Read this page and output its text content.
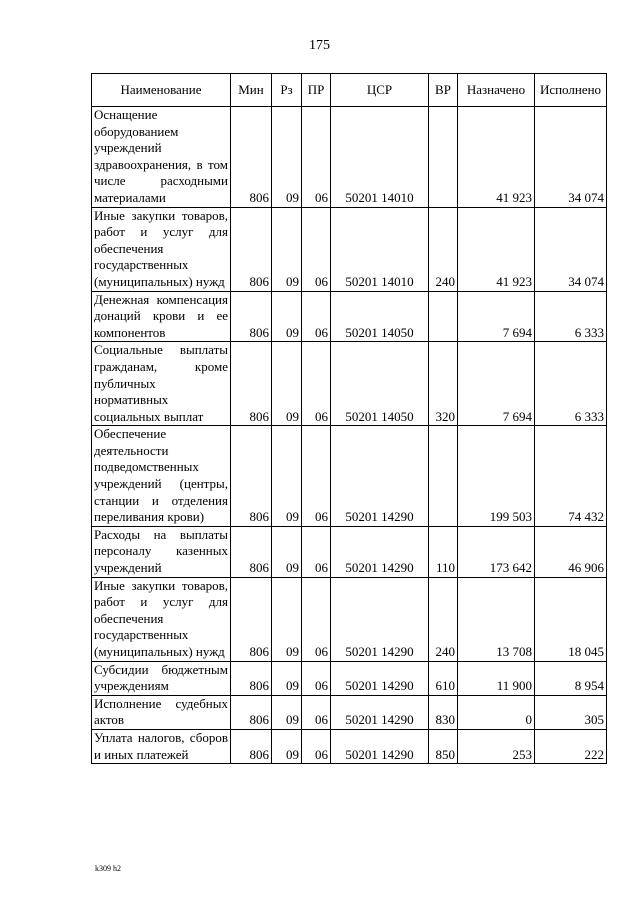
175
Наименование	Мин	Рз	ПР	ЦСР	ВР	Назначено	Исполнено
Оснащение оборудованием учреждений здравоохранения, в том числе расходными материалами	806	09	06	50201 14010		41 923	34 074
Иные закупки товаров, работ и услуг для обеспечения государственных (муниципальных) нужд	806	09	06	50201 14010	240	41 923	34 074
Денежная компенсация донаций крови и ее компонентов	806	09	06	50201 14050		7 694	6 333
Социальные выплаты гражданам, кроме публичных нормативных социальных выплат	806	09	06	50201 14050	320	7 694	6 333
Обеспечение деятельности подведомственных учреждений (центры, станции и отделения переливания крови)	806	09	06	50201 14290		199 503	74 432
Расходы на выплаты персоналу казенных учреждений	806	09	06	50201 14290	110	173 642	46 906
Иные закупки товаров, работ и услуг для обеспечения государственных (муниципальных) нужд	806	09	06	50201 14290	240	13 708	18 045
Субсидии бюджетным учреждениям	806	09	06	50201 14290	610	11 900	8 954
Исполнение судебных актов	806	09	06	50201 14290	830	0	305
Уплата налогов, сборов и иных платежей	806	09	06	50201 14290	850	253	222
k309 h2
